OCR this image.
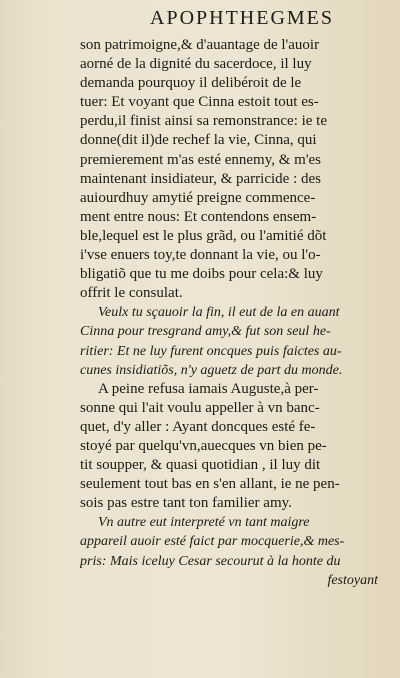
APOPHTHEGMES
son patrimoigne,& d'auantage de l'auoir
aorné de la dignité du sacerdoce, il luy
demanda pourquoy il delibéroit de le
tuer: Et voyant que Cinna estoit tout es-
perdu,il finist ainsi sa remonstrance: ie te
donne(dit il)de rechef la vie, Cinna, qui
premierement m'as esté ennemy, & m'es
maintenant insidiateur, & parricide : des
auiourdhuy amytié preigne commence-
ment entre nous: Et contendons ensem-
ble,lequel est le plus grãd, ou l'amitié dõt
i'vse enuers toy,te donnant la vie, ou l'o-
bligatiõ que tu me doibs pour cela:& luy
offrit le consulat.
Veulx tu sçauoir la fin, il eut de la en auant
Cinna pour tresgrand amy,& fut son seul he-
ritier: Et ne luy furent oncques puis faictes au-
cunes insidiatiõs, n'y aguetz de part du monde.
A peine refusa iamais Auguste,à per-
sonne qui l'ait voulu appeller à vn banc-
quet, d'y aller : Ayant doncques esté fe-
stoyé par quelqu'vn,auecques vn bien pe-
tit soupper, & quasi quotidian , il luy dit
seulement tout bas en s'en allant, ie ne pen-
sois pas estre tant ton familier amy.
Vn autre eut interpreté vn tant maigre
appareil auoir esté faict par mocquerie,& mes-
pris: Mais iceluy Cesar secourut à la honte du
festoyant
